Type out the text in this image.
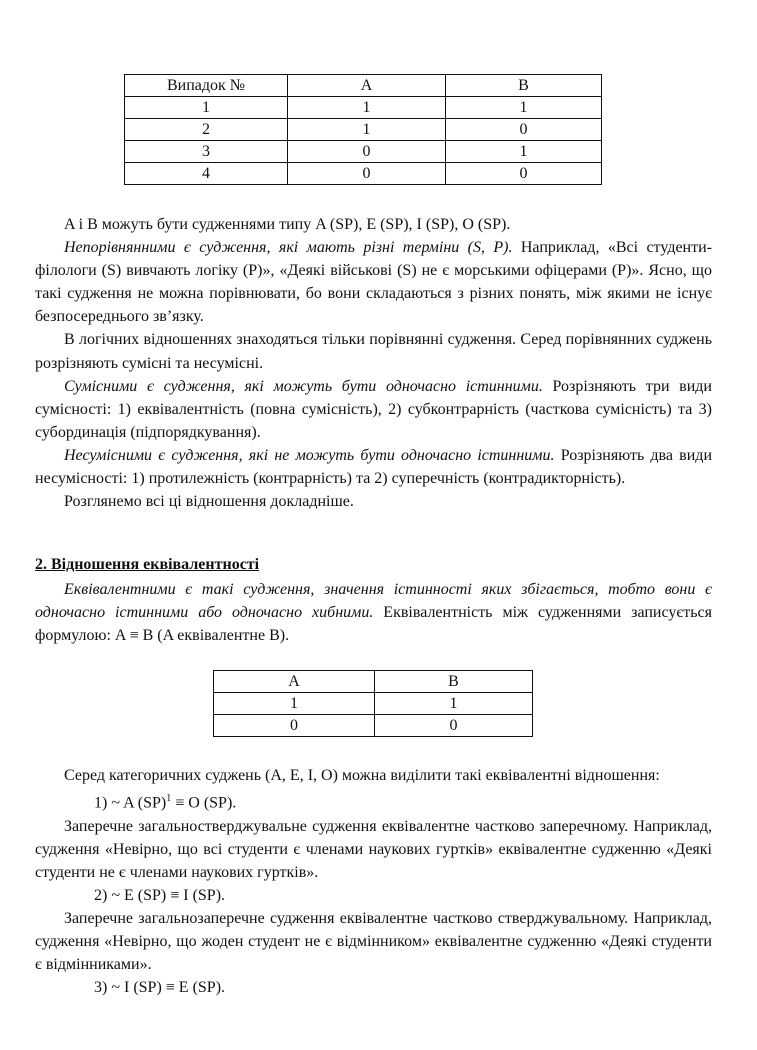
Випадок №	A	B
1	1	1
2	1	0
3	0	1
4	0	0

A і B можуть бути судженнями типу A (SP), E (SP), I (SP), O (SP).

Непорівнянними є судження, які мають різні терміни (S, P). Наприклад, «Всі студенти-філологи (S) вивчають логіку (P)», «Деякі військові (S) не є морськими офіцерами (P)». Ясно, що такі судження не можна порівнювати, бо вони складаються з різних понять, між якими не існує безпосереднього зв’язку.

В логічних відношеннях знаходяться тільки порівнянні судження. Серед порівнянних суджень розрізняють сумісні та несумісні.

Сумісними є судження, які можуть бути одночасно істинними. Розрізняють три види сумісності: 1) еквівалентність (повна сумісність), 2) субконтрарність (часткова сумісність) та 3) субординація (підпорядкування).

Несумісними є судження, які не можуть бути одночасно істинними. Розрізняють два види несумісності: 1) протилежність (контрарність) та 2) суперечність (контрадикторність).

Розглянемо всі ці відношення докладніше.

2. Відношення еквівалентності

Еквівалентними є такі судження, значення істинності яких збігається, тобто вони є одночасно істинними або одночасно хибними. Еквівалентність між судженнями записується формулою: A ≡ B (A еквівалентне B).

A	B
1	1
0	0

Серед категоричних суджень (A, E, I, O) можна виділити такі еквівалентні відношення:

1) ~ A (SP)$^1$ ≡ O (SP).

Заперечне загальностверджувальне судження еквівалентне частково заперечному. Наприклад, судження «Невірно, що всі студенти є членами наукових гуртків» еквівалентне судженню «Деякі студенти не є членами наукових гуртків».

2) ~ E (SP) ≡ I (SP).

Заперечне загальнозаперечне судження еквівалентне частково стверджувальному. Наприклад, судження «Невірно, що жоден студент не є відмінником» еквівалентне судженню «Деякі студенти є відмінниками».

3) ~ I (SP) ≡ E (SP).
